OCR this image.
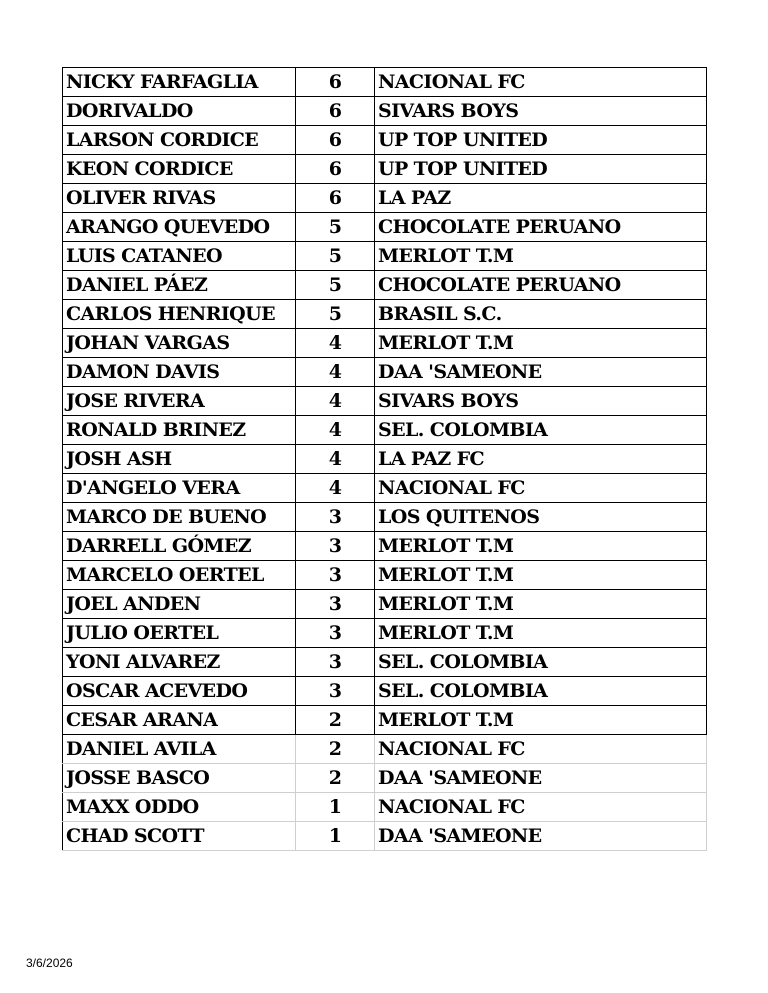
NICKY FARFAGLIA	6	NACIONAL FC
DORIVALDO	6	SIVARS BOYS
LARSON CORDICE	6	UP TOP UNITED
KEON CORDICE	6	UP TOP UNITED
OLIVER RIVAS	6	LA PAZ
ARANGO QUEVEDO	5	CHOCOLATE PERUANO
LUIS CATANEO	5	MERLOT T.M
DANIEL PÁEZ	5	CHOCOLATE PERUANO
CARLOS HENRIQUE	5	BRASIL S.C.
JOHAN VARGAS	4	MERLOT T.M
DAMON DAVIS	4	DAA 'SAMEONE
JOSE RIVERA	4	SIVARS BOYS
RONALD BRINEZ	4	SEL. COLOMBIA
JOSH ASH	4	LA PAZ FC
D'ANGELO VERA	4	NACIONAL FC
MARCO DE BUENO	3	LOS QUITENOS
DARRELL GÓMEZ	3	MERLOT T.M
MARCELO OERTEL	3	MERLOT T.M
JOEL ANDEN	3	MERLOT T.M
JULIO OERTEL	3	MERLOT T.M
YONI ALVAREZ	3	SEL. COLOMBIA
OSCAR ACEVEDO	3	SEL. COLOMBIA
CESAR ARANA	2	MERLOT T.M
DANIEL AVILA	2	NACIONAL FC
JOSSE BASCO	2	DAA 'SAMEONE
MAXX ODDO	1	NACIONAL FC
CHAD SCOTT	1	DAA 'SAMEONE
3/6/2026
